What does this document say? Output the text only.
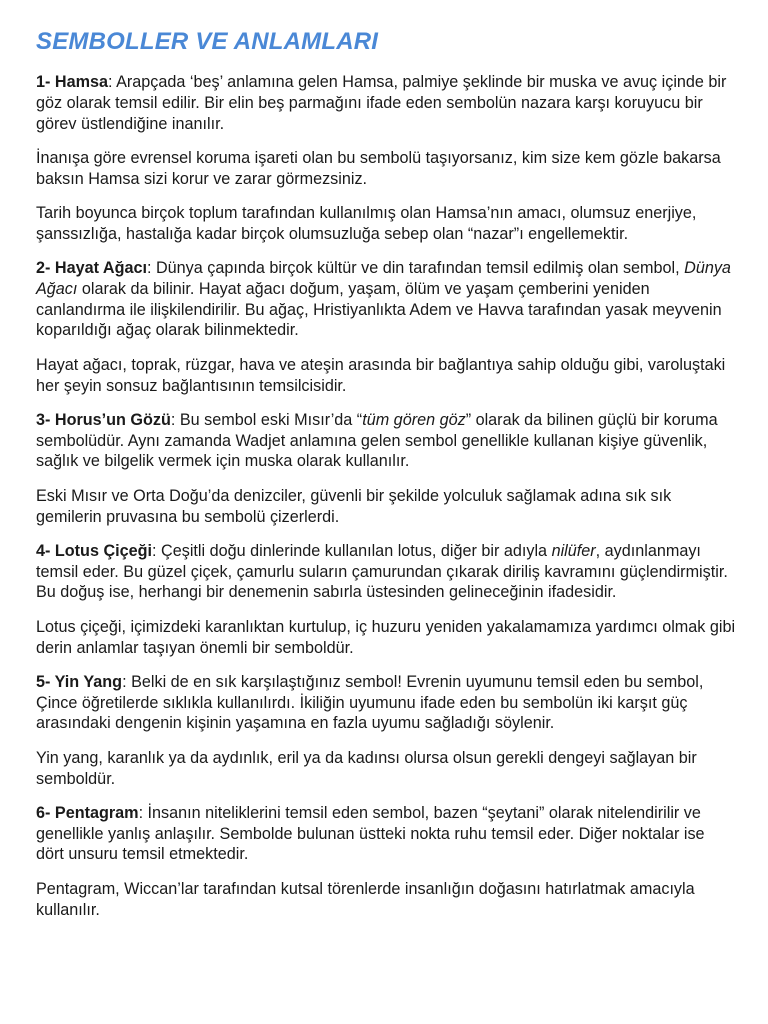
SEMBOLLER VE ANLAMLARI

1- Hamsa: Arapçada ‘beş’ anlamına gelen Hamsa, palmiye şeklinde bir muska ve avuç içinde bir göz olarak temsil edilir. Bir elin beş parmağını ifade eden sembolün nazara karşı koruyucu bir görev üstlendiğine inanılır.

İnanışa göre evrensel koruma işareti olan bu sembolü taşıyorsanız, kim size kem gözle bakarsa baksın Hamsa sizi korur ve zarar görmezsiniz.

Tarih boyunca birçok toplum tarafından kullanılmış olan Hamsa’nın amacı, olumsuz enerjiye, şanssızlığa, hastalığa kadar birçok olumsuzluğa sebep olan “nazar”ı engellemektir.

2- Hayat Ağacı: Dünya çapında birçok kültür ve din tarafından temsil edilmiş olan sembol, Dünya Ağacı olarak da bilinir. Hayat ağacı doğum, yaşam, ölüm ve yaşam çemberini yeniden canlandırma ile ilişkilendirilir. Bu ağaç, Hristiyanlıkta Adem ve Havva tarafından yasak meyvenin koparıldığı ağaç olarak bilinmektedir.

Hayat ağacı, toprak, rüzgar, hava ve ateşin arasında bir bağlantıya sahip olduğu gibi, varoluştaki her şeyin sonsuz bağlantısının temsilcisidir.

3- Horus’un Gözü: Bu sembol eski Mısır’da “tüm gören göz” olarak da bilinen güçlü bir koruma sembolüdür. Aynı zamanda Wadjet anlamına gelen sembol genellikle kullanan kişiye güvenlik, sağlık ve bilgelik vermek için muska olarak kullanılır.

Eski Mısır ve Orta Doğu’da denizciler, güvenli bir şekilde yolculuk sağlamak adına sık sık gemilerin pruvasına bu sembolü çizerlerdi.

4- Lotus Çiçeği: Çeşitli doğu dinlerinde kullanılan lotus, diğer bir adıyla nilüfer, aydınlanmayı temsil eder. Bu güzel çiçek, çamurlu suların çamurundan çıkarak diriliş kavramını güçlendirmiştir. Bu doğuş ise, herhangi bir denemenin sabırla üstesinden gelineceğinin ifadesidir.

Lotus çiçeği, içimizdeki karanlıktan kurtulup, iç huzuru yeniden yakalamamıza yardımcı olmak gibi derin anlamlar taşıyan önemli bir semboldür.

5- Yin Yang: Belki de en sık karşılaştığınız sembol! Evrenin uyumunu temsil eden bu sembol, Çince öğretilerde sıklıkla kullanılırdı. İkiliğin uyumunu ifade eden bu sembolün iki karşıt güç arasındaki dengenin kişinin yaşamına en fazla uyumu sağladığı söylenir.

Yin yang, karanlık ya da aydınlık, eril ya da kadınsı olursa olsun gerekli dengeyi sağlayan bir semboldür.

6- Pentagram: İnsanın niteliklerini temsil eden sembol, bazen “şeytani” olarak nitelendirilir ve genellikle yanlış anlaşılır. Sembolde bulunan üstteki nokta ruhu temsil eder. Diğer noktalar ise dört unsuru temsil etmektedir.

Pentagram, Wiccan’lar tarafından kutsal törenlerde insanlığın doğasını hatırlatmak amacıyla kullanılır.
